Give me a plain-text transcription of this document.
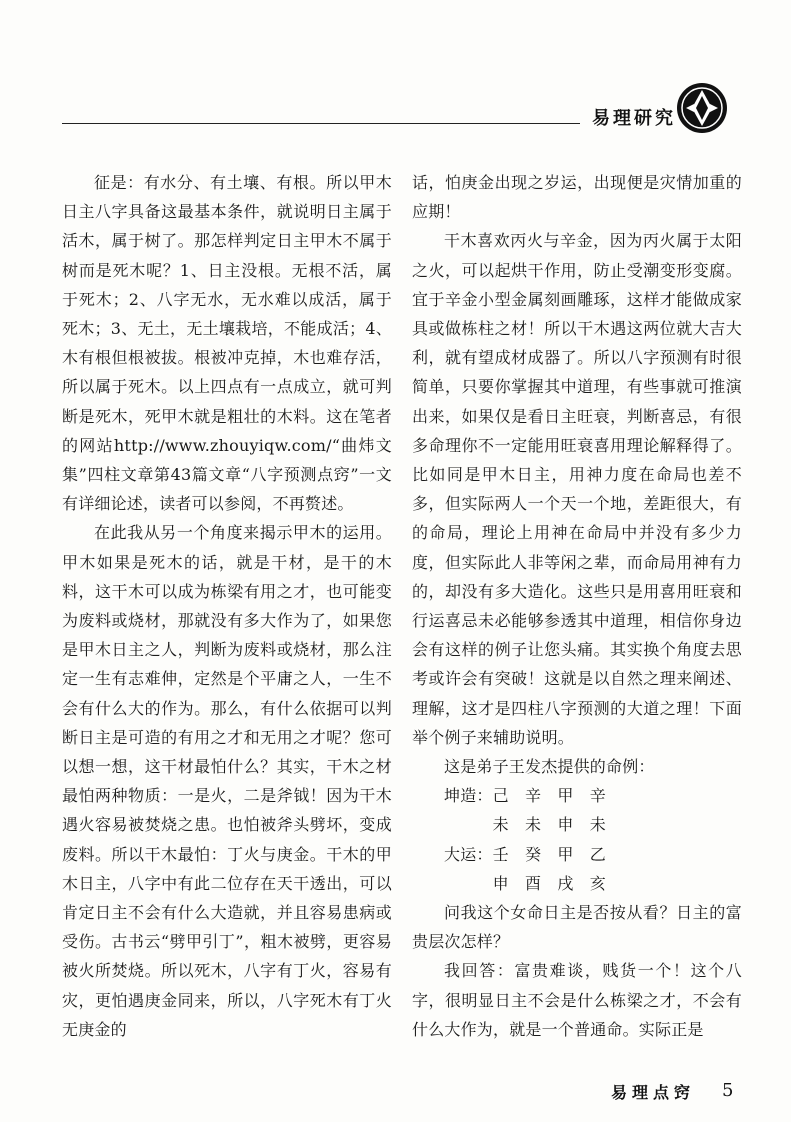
易理研究

征是：有水分、有土壤、有根。所以甲木日主八字具备这最基本条件，就说明日主属于活木，属于树了。那怎样判定日主甲木不属于树而是死木呢？1、日主没根。无根不活，属于死木；2、八字无水，无水难以成活，属于死木；3、无土，无土壤栽培，不能成活；4、木有根但根被拔。根被冲克掉，木也难存活，所以属于死木。以上四点有一点成立，就可判断是死木，死甲木就是粗壮的木料。这在笔者的网站http://www.zhouyiqw.com/“曲炜文集”四柱文章第43篇文章“八字预测点窍”一文有详细论述，读者可以参阅，不再赘述。

在此我从另一个角度来揭示甲木的运用。甲木如果是死木的话，就是干材，是干的木料，这干木可以成为栋梁有用之才，也可能变为废料或烧材，那就没有多大作为了，如果您是甲木日主之人，判断为废料或烧材，那么注定一生有志难伸，定然是个平庸之人，一生不会有什么大的作为。那么，有什么依据可以判断日主是可造的有用之才和无用之才呢？您可以想一想，这干材最怕什么？其实，干木之材最怕两种物质：一是火，二是斧钺！因为干木遇火容易被焚烧之患。也怕被斧头劈坏，变成废料。所以干木最怕：丁火与庚金。干木的甲木日主，八字中有此二位存在天干透出，可以肯定日主不会有什么大造就，并且容易患病或受伤。古书云“劈甲引丁”，粗木被劈，更容易被火所焚烧。所以死木，八字有丁火，容易有灾，更怕遇庚金同来，所以，八字死木有丁火无庚金的

话，怕庚金出现之岁运，出现便是灾情加重的应期！

干木喜欢丙火与辛金，因为丙火属于太阳之火，可以起烘干作用，防止受潮变形变腐。宜于辛金小型金属刻画雕琢，这样才能做成家具或做栋柱之材！所以干木遇这两位就大吉大利，就有望成材成器了。所以八字预测有时很简单，只要你掌握其中道理，有些事就可推演出来，如果仅是看日主旺衰，判断喜忌，有很多命理你不一定能用旺衰喜用理论解释得了。比如同是甲木日主，用神力度在命局也差不多，但实际两人一个天一个地，差距很大，有的命局，理论上用神在命局中并没有多少力度，但实际此人非等闲之辈，而命局用神有力的，却没有多大造化。这些只是用喜用旺衰和行运喜忌未必能够参透其中道理，相信你身边会有这样的例子让您头痛。其实换个角度去思考或许会有突破！这就是以自然之理来阐述、理解，这才是四柱八字预测的大道之理！下面举个例子来辅助说明。

这是弟子王发杰提供的命例：

坤造：己　辛　甲　辛

　　　未　未　申　未

大运：壬　癸　甲　乙

　　　申　酉　戌　亥

问我这个女命日主是否按从看？日主的富贵层次怎样？

我回答：富贵难谈，贱货一个！这个八字，很明显日主不会是什么栋梁之才，不会有什么大作为，就是一个普通命。实际正是

易理点窍 5
